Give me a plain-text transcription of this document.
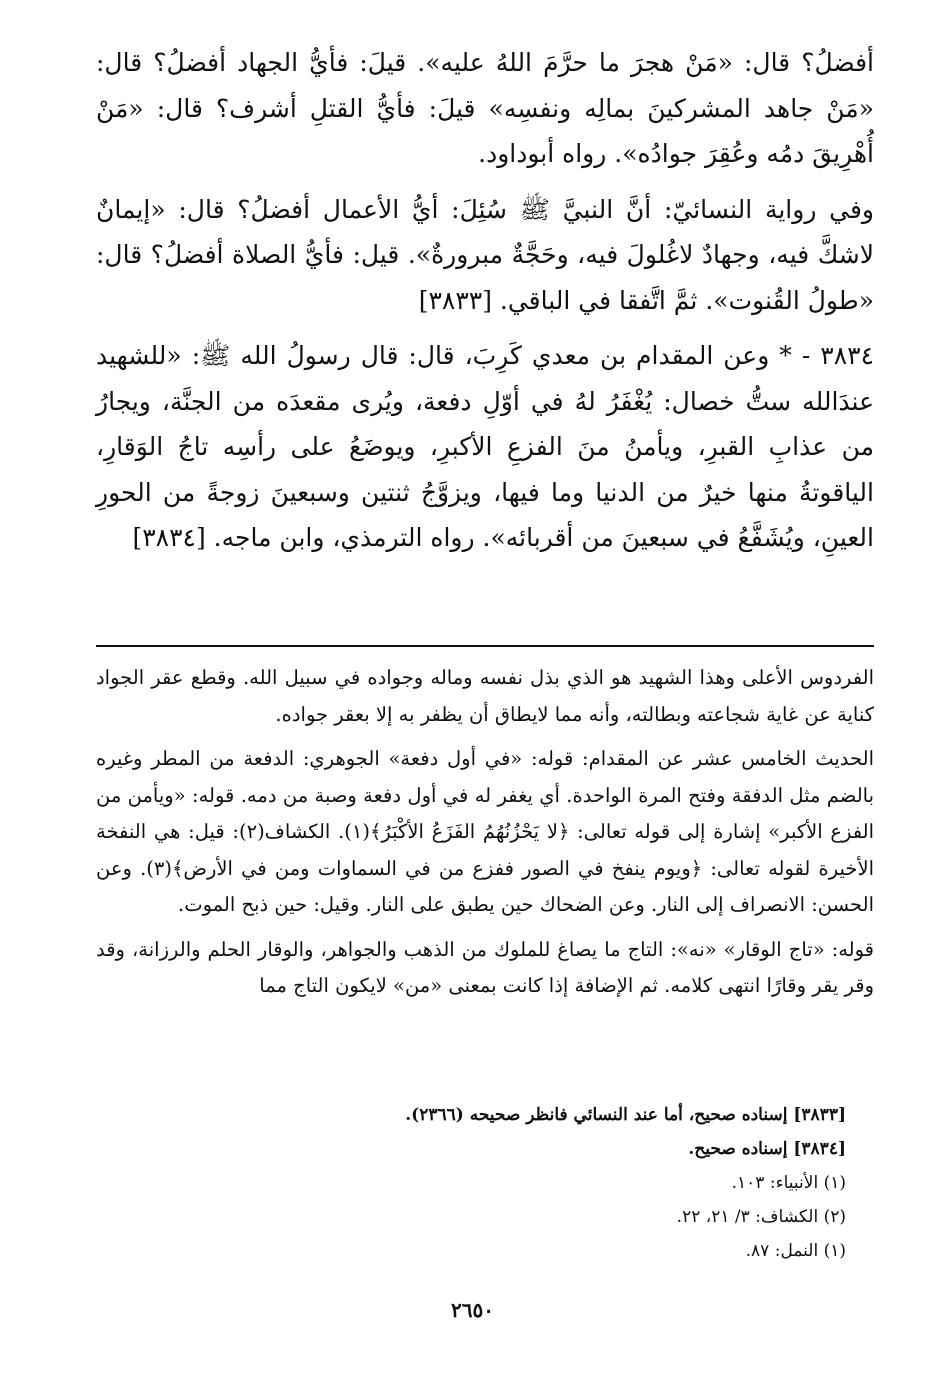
أفضلُ؟ قال: «مَنْ هجرَ ما حرَّمَ اللهُ عليه». قيلَ: فأيُّ الجهاد أفضلُ؟ قال: «مَنْ جاهد المشركينَ بمالِه ونفسِه» قيلَ: فأيُّ القتلِ أشرف؟ قال: «مَنْ أُهْرِيقَ دمُه وعُقِرَ جوادُه». رواه أبوداود.

وفي رواية النسائيّ: أنَّ النبيَّ ﷺ سُئِلَ: أيُّ الأعمال أفضلُ؟ قال: «إيمانٌ لاشكَّ فيه، وجهادٌ لاغُلولَ فيه، وحَجَّةٌ مبرورةٌ». قيل: فأيُّ الصلاة أفضلُ؟ قال: «طولُ القُنوت». ثمَّ اتَّفقا في الباقي. [٣٨٣٣]

٣٨٣٤ - * وعن المقدام بن معدي كَرِبَ، قال: قال رسولُ الله ﷺ: «للشهيد عندَالله ستُّ خصال: يُغْفَرُ لهُ في أوّلِ دفعة، ويُرى مقعدَه من الجنَّة، ويجارُ من عذابِ القبرِ، ويأمنُ منَ الفزعِ الأكبرِ، ويوضَعُ على رأسِه تاجُ الوَقارِ، الياقوتةُ منها خيرٌ من الدنيا وما فيها، ويزوَّجُ ثنتين وسبعينَ زوجةً من الحورِ العينِ، ويُشَفَّعُ في سبعينَ من أقربائه». رواه الترمذي، وابن ماجه. [٣٨٣٤]

الفردوس الأعلى وهذا الشهيد هو الذي بذل نفسه وماله وجواده في سبيل الله. وقطع عقر الجواد كناية عن غاية شجاعته وبطالته، وأنه مما لايطاق أن يظفر به إلا بعقر جواده.

الحديث الخامس عشر عن المقدام: قوله: «في أول دفعة» الجوهري: الدفعة من المطر وغيره بالضم مثل الدفقة وفتح المرة الواحدة. أي يغفر له في أول دفعة وصبة من دمه. قوله: «ويأمن من الفزع الأكبر» إشارة إلى قوله تعالى: ﴿لا يَحْزُنُهُمُ الفَزَعُ الأكْبَرُ﴾(١). الكشاف(٢): قيل: هي النفخة الأخيرة لقوله تعالى: ﴿ويوم ينفخ في الصور ففزع من في السماوات ومن في الأرض﴾(٣). وعن الحسن: الانصراف إلى النار. وعن الضحاك حين يطبق على النار. وقيل: حين ذبح الموت.

قوله: «تاج الوقار» «نه»: التاج ما يصاغ للملوك من الذهب والجواهر، والوقار الحلم والرزانة، وقد وقر يقر وقارًا انتهى كلامه. ثم الإضافة إذا كانت بمعنى «من» لايكون التاج مما

[٣٨٣٣] إسناده صحيح، أما عند النسائي فانظر صحيحه (٢٣٦٦).
[٣٨٣٤] إسناده صحيح.
(١) الأنبياء: ١٠٣.
(٢) الكشاف: ٣/ ٢١، ٢٢.
(١) النمل: ٨٧.
٢٦٥٠
